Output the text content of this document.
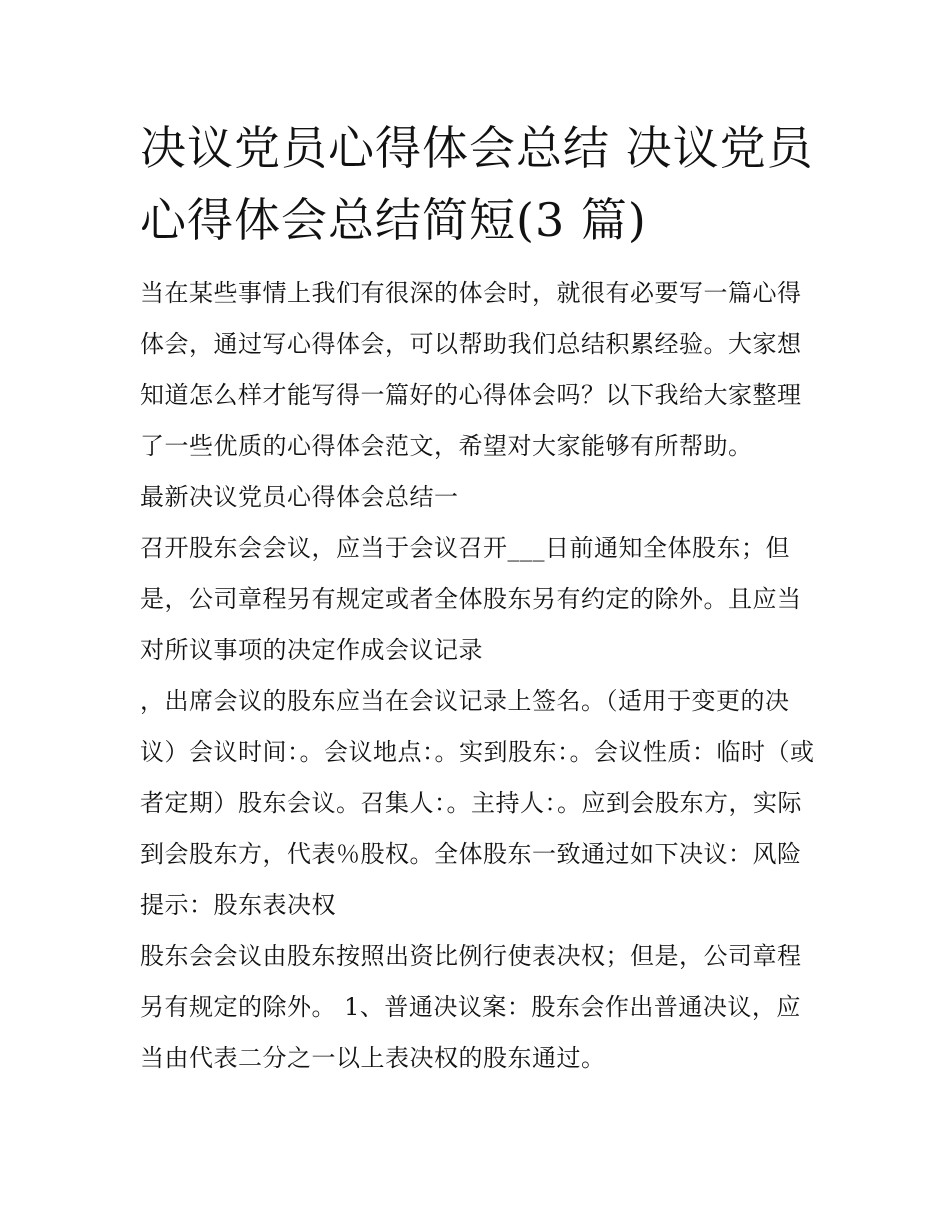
决议党员心得体会总结 决议党员心得体会总结简短(3 篇)

当在某些事情上我们有很深的体会时，就很有必要写一篇心得体会，通过写心得体会，可以帮助我们总结积累经验。大家想知道怎么样才能写得一篇好的心得体会吗？以下我给大家整理了一些优质的心得体会范文，希望对大家能够有所帮助。

最新决议党员心得体会总结一

召开股东会会议，应当于会议召开___日前通知全体股东；但是，公司章程另有规定或者全体股东另有约定的除外。且应当对所议事项的决定作成会议记录

，出席会议的股东应当在会议记录上签名。（适用于变更的决议）会议时间：。会议地点：。实到股东：。会议性质：临时（或者定期）股东会议。召集人：。主持人：。应到会股东方，实际到会股东方，代表％股权。全体股东一致通过如下决议：风险提示：股东表决权

股东会会议由股东按照出资比例行使表决权；但是，公司章程另有规定的除外。 1、普通决议案：股东会作出普通决议，应当由代表二分之一以上表决权的股东通过。
